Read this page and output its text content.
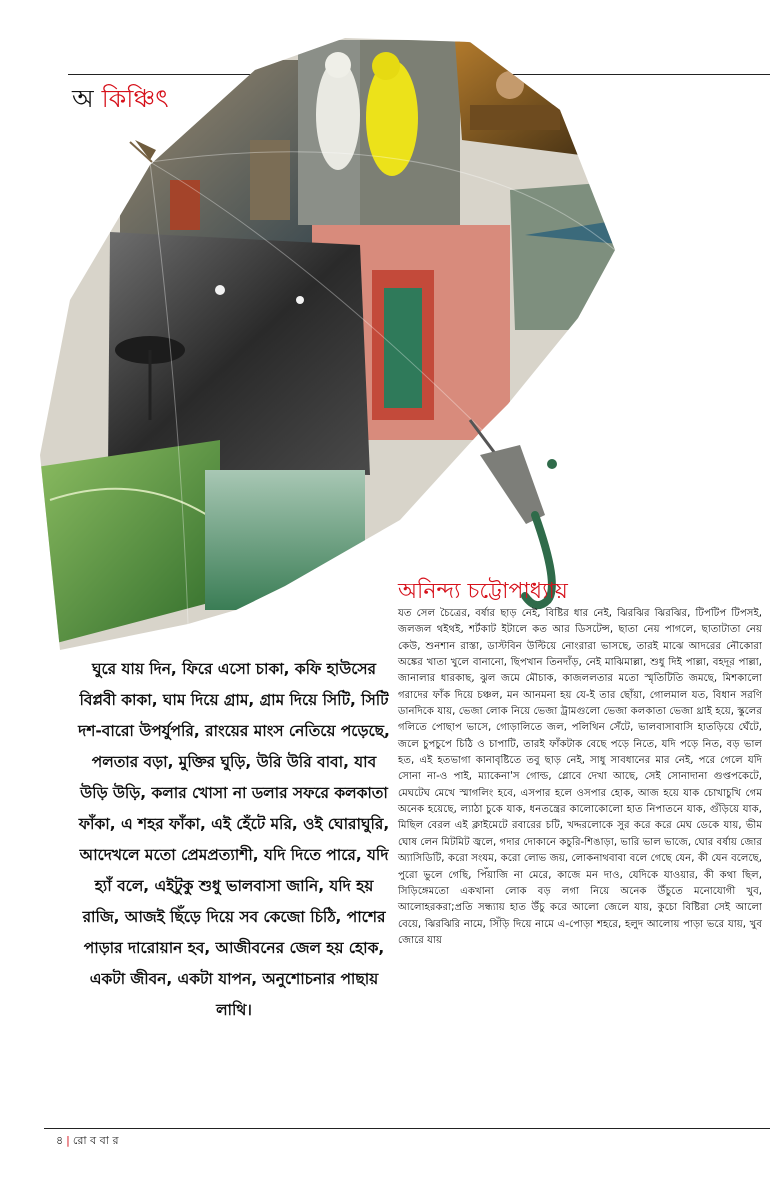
অ কিঞ্চিৎ
অনিন্দ্য চট্টোপাধ্যায়
ঘুরে যায় দিন, ফিরে এসো চাকা, কফি হাউসের বিপ্লবী কাকা, ঘাম দিয়ে গ্রাম, গ্রাম দিয়ে সিটি, সিটি দশ-বারো উপর্যুপরি, রাংয়ের মাংস নেতিয়ে পড়েছে, পলতার বড়া, মুক্তির ঘুড়ি, উরি উরি বাবা, যাব উড়ি উড়ি, কলার খোসা না ডলার সফরে কলকাতা ফাঁকা, এ শহর ফাঁকা, এই হেঁটে মরি, ওই ঘোরাঘুরি, আদেখলে মতো প্রেমপ্রত্যাশী, যদি দিতে পারে, যদি হ্যাঁ বলে, এইটুকু শুধু ভালবাসা জানি, যদি হয় রাজি, আজই ছিঁড়ে দিয়ে সব কেজো চিঠি, পাশের পাড়ার দারোয়ান হব, আজীবনের জেল হয় হোক, একটা জীবন, একটা যাপন, অনুশোচনার পাছায় লাথি।
যত সেল চৈত্রের, বর্ষার ছাড় নেই, বিষ্টির ধার নেই, ঝিরঝির ঝিরঝির, টিপটিপ টিপসই, জলজল থইথই, শর্টকাট ইটালে কত আর ডিসটেন্স, ছাতা নেয় পাগলে, ছাতাটাতা নেয় কেউ, শুনশান রাস্তা, ডাস্টবিন উল্টিয়ে নোংরারা ভাসছে, তারই মাঝে আদরের নৌকোরা অঙ্কের খাতা খুলে বানানো, ছিপখান তিনদাঁড়, নেই মাঝিমাল্লা, শুধু দিই পাল্লা, বহদূর পাল্লা, জানালার ধারকাছ, ঝুল জমে মৌচাক, কাজললতার মতো স্মৃতিটিতি জমছে, মিশকালো গরাদের ফাঁক দিয়ে চঞ্চল, মন আনমনা হয় যে-ই তার ছোঁয়া, গোলমাল যত, বিধান সরণি ডানদিকে যায়, ভেজা লোক নিয়ে ভেজা ট্রামগুলো ভেজা কলকাতা ভেজা থ্রাই হয়ে, স্কুলের গলিতে পোছাপ ভাসে, গোড়ালিতে জল, পলিথিন সেঁটে, ভালবাসাবাসি হাতড়িয়ে ঘেঁটে, জলে চুপচুপে চিঠি ও চাপাটি, তারই ফাঁকটাক বেছে পড়ে নিতে, যদি পড়ে নিত, বড় ভাল হত, এই হতভাগা কানাবৃষ্টিতে তবু ছাড় নেই, সাধু সাবধানের মার নেই, পরে গেলে যদি সোনা না-ও পাই, ম্যাকেনা'স গোল্ড, গ্লোবে দেখা আছে, সেই সোনাদানা গুপ্তপকেটে, মেঘটেঘ মেখে স্মাগলিং হবে, এসপার হলে ওসপার হোক, আজ হয়ে যাক চোখাচুখি গেম অনেক হয়েছে, ল্যাঠা চুকে যাক, ধনতন্ত্রের কালোকোলো হাত নিপাতনে যাক, গুঁড়িয়ে যাক, মিছিল বেরল এই ক্লাইমেটে রবারের চটি, খদ্দরলোকে সুর করে করে মেঘ ডেকে যায়, ভীম ঘোষ লেন মিটমিট জ্বলে, গদার দোকানে কচুরি-শিঙাড়া, ভারি ভাল ভাজে, ঘোর বর্ষায় জোর অ্যাসিডিটি, করো সংযম, করো লোভ জয়, লোকনাথবাবা বলে গেছে যেন, কী যেন বলেছে, পুরো ভুলে গেছি, পিঁয়াজি না মেরে, কাজে মন দাও, যেদিকে যাওয়ার, কী কথা ছিল, সিড়িঙ্গেমতো একখানা লোক বড় লগা নিয়ে অনেক উঁচুতে মনোযোগী খুব, আলোহরকরা;প্রতি সন্ধ্যায় হাত উঁচু করে আলো জেলে যায়, কুচো বিষ্টিরা সেই আলো বেয়ে, ঝিরঝিরি নামে, সিঁড়ি দিয়ে নামে এ-পোড়া শহরে, হলুদ আলোয় পাড়া ভরে যায়, খুব জোরে যায়
৪ | রো ব বা র
